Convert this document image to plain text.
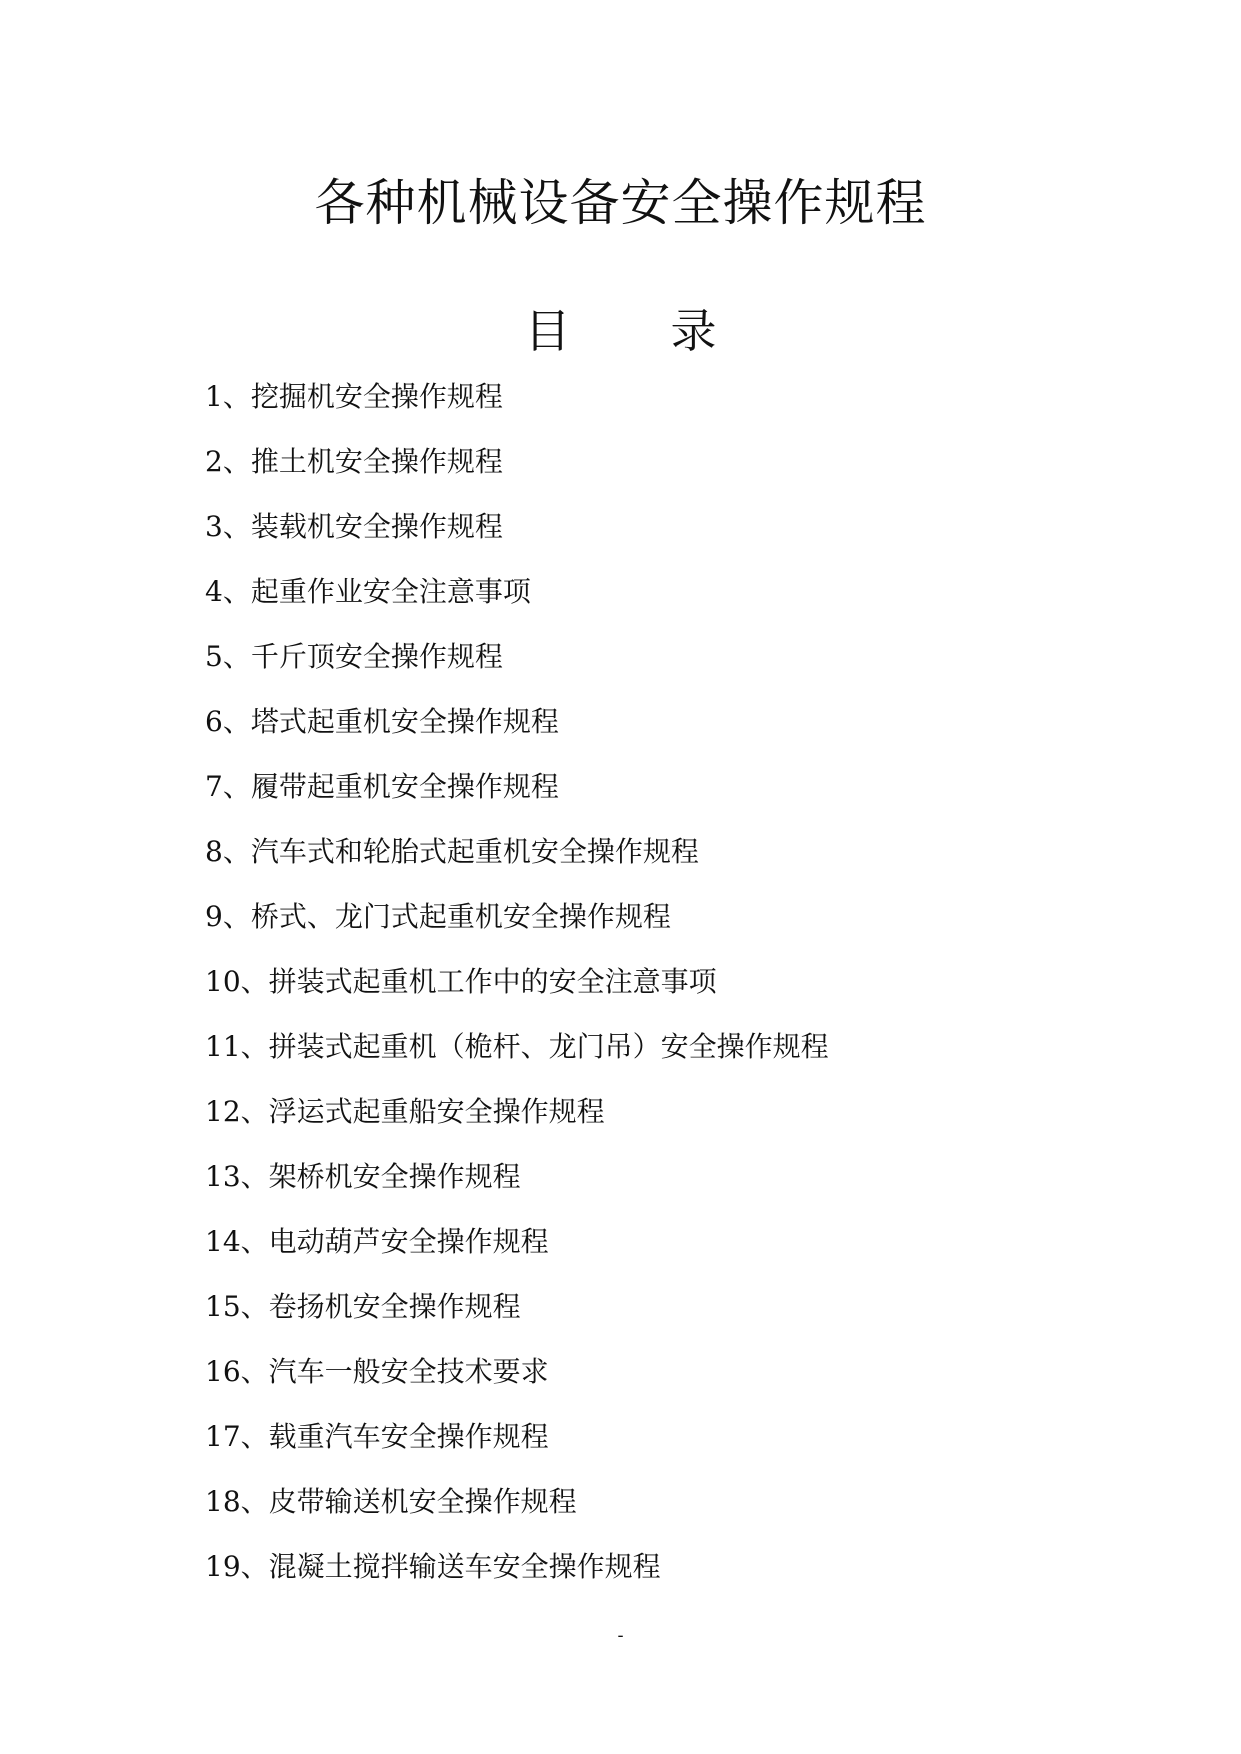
各种机械设备安全操作规程
目 录
1、挖掘机安全操作规程
2、推土机安全操作规程
3、装载机安全操作规程
4、起重作业安全注意事项
5、千斤顶安全操作规程
6、塔式起重机安全操作规程
7、履带起重机安全操作规程
8、汽车式和轮胎式起重机安全操作规程
9、桥式、龙门式起重机安全操作规程
10、拼装式起重机工作中的安全注意事项
11、拼装式起重机（桅杆、龙门吊）安全操作规程
12、浮运式起重船安全操作规程
13、架桥机安全操作规程
14、电动葫芦安全操作规程
15、卷扬机安全操作规程
16、汽车一般安全技术要求
17、载重汽车安全操作规程
18、皮带输送机安全操作规程
19、混凝土搅拌输送车安全操作规程
-
